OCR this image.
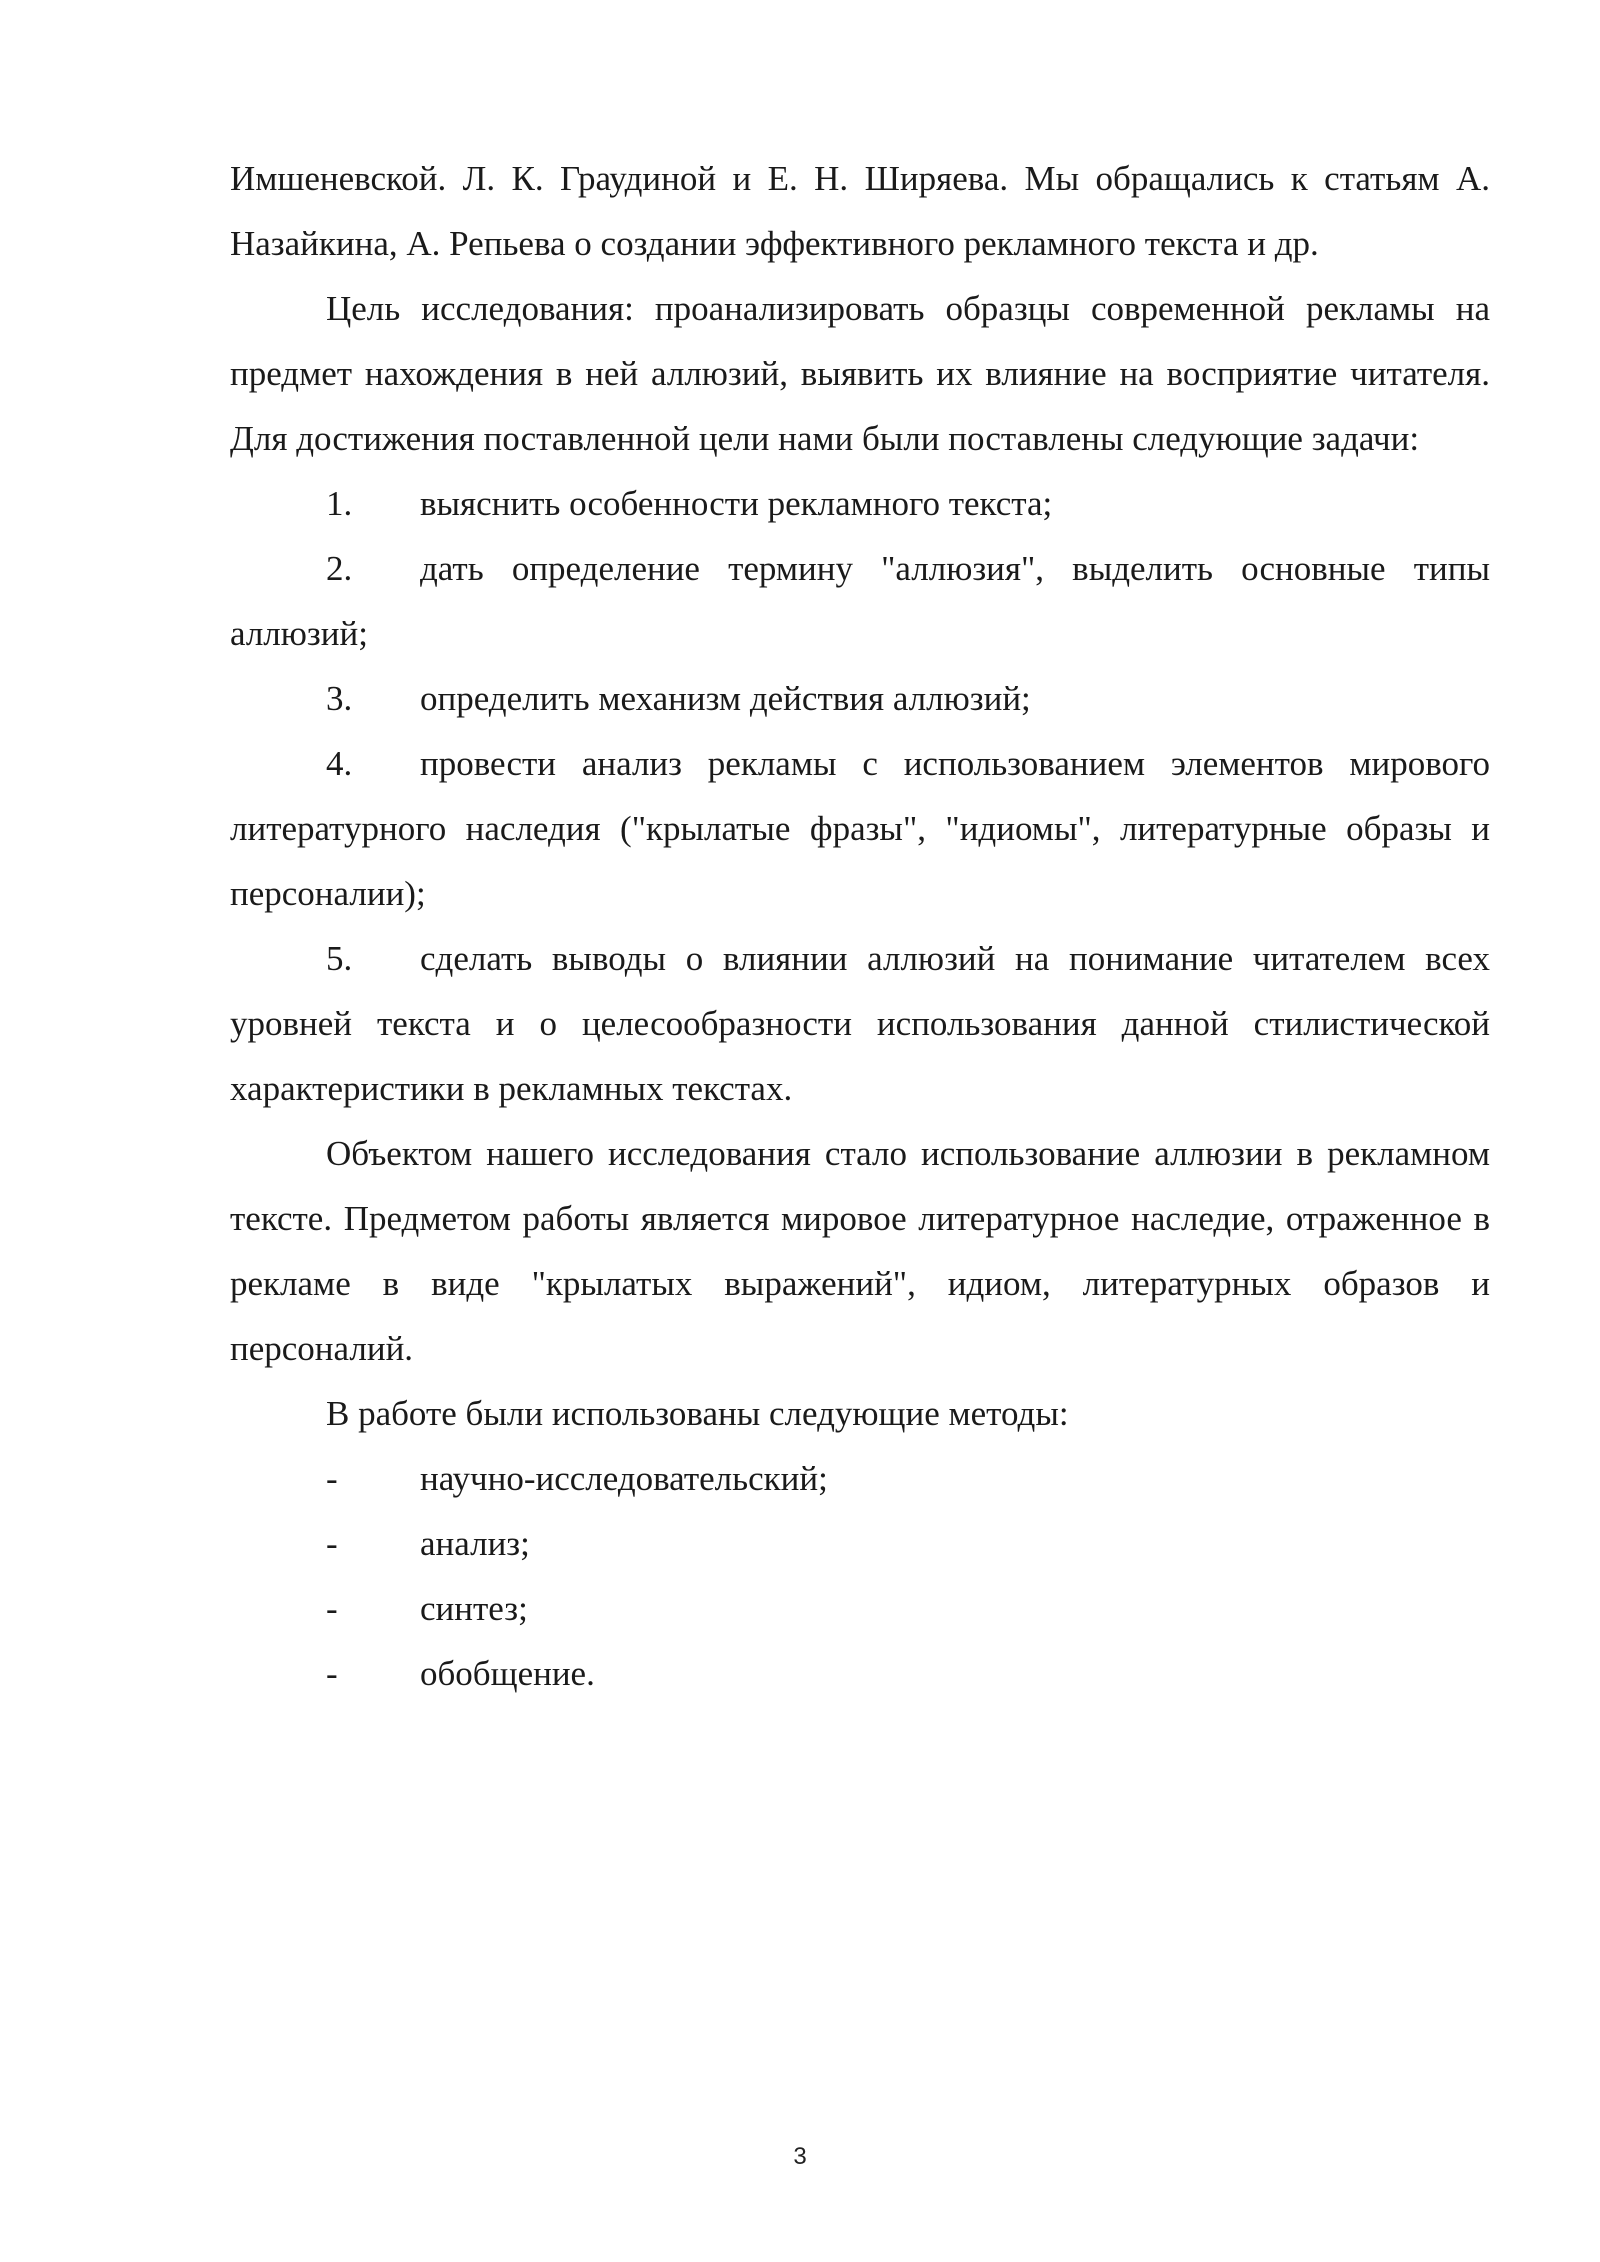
Имшеневской. Л. К. Граудиной и Е. Н. Ширяева. Мы обращались к статьям А. Назайкина, А. Репьева о создании эффективного рекламного текста и др.

Цель исследования: проанализировать образцы современной рекламы на предмет нахождения в ней аллюзий, выявить их влияние на восприятие читателя. Для достижения поставленной цели нами были поставлены следующие задачи:

1. выяснить особенности рекламного текста;

2. дать определение термину "аллюзия", выделить основные типы аллюзий;

3. определить механизм действия аллюзий;

4. провести анализ рекламы с использованием элементов мирового литературного наследия ("крылатые фразы", "идиомы", литературные образы и персоналии);

5. сделать выводы о влиянии аллюзий на понимание читателем всех уровней текста и о целесообразности использования данной стилистической характеристики в рекламных текстах.

Объектом нашего исследования стало использование аллюзии в рекламном тексте. Предметом работы является мировое литературное наследие, отраженное в рекламе в виде "крылатых выражений", идиом, литературных образов и персоналий.

В работе были использованы следующие методы:

- научно-исследовательский;

- анализ;

- синтез;

- обобщение.

3
